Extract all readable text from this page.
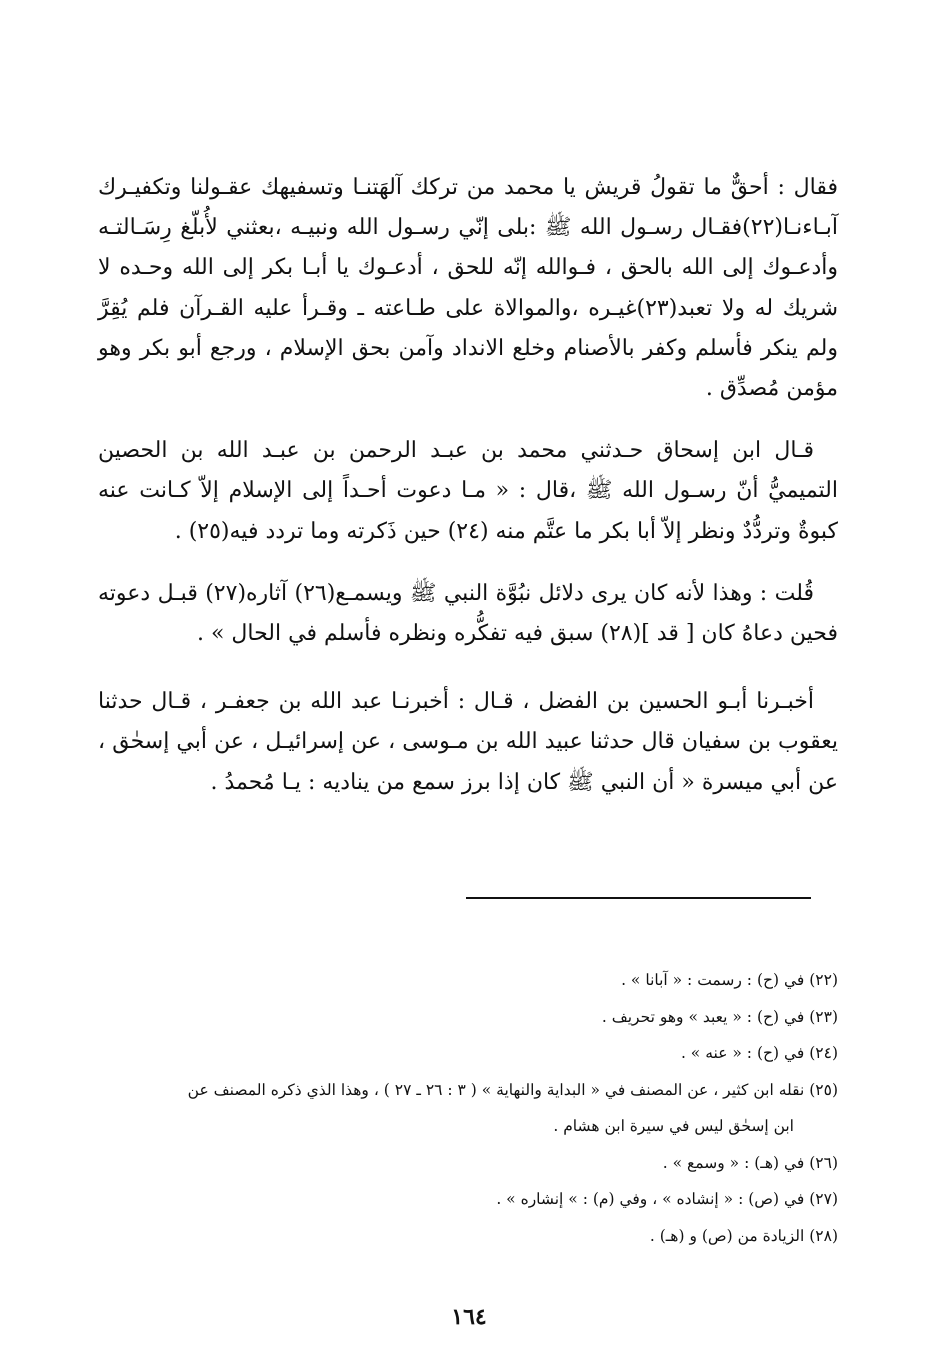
فقال : أحقٌّ ما تقولُ قريش يا محمد من تركك آلهَتنـا وتسفيهك عقـولنا وتكفيـرك آبـاءنـا(٢٢)فقـال رسـول الله ﷺ :بلى إنّي رسـول الله ونبيـه ،بعثني لأُبلّغ رِسَـالتـه وأدعـوك إلى الله بالحق ، فـوالله إنّه للحق ، أدعـوك يا أبـا بكر إلى الله وحـده لا شريك له ولا تعبد(٢٣)غيـره ،والموالاة على طـاعته ـ وقـرأ عليه القـرآن فلم يُقِرَّ ولم ينكر فأسلم وكفر بالأصنام وخلع الانداد وآمن بحق الإسلام ، ورجع أبو بكر وهو مؤمن مُصدِّق .

قـال ابن إسحاق حـدثني محمد بن عبـد الرحمن بن عبـد الله بن الحصين التميميُّ أنّ رسـول الله ﷺ ،قال : « مـا دعوت أحـداً إلى الإسلام إلاّ كـانت عنه كبوةٌ وتردُّدٌ ونظر إلاّ أبا بكر ما عتَّم منه (٢٤) حين ذَكرته وما تردد فيه(٢٥) .

قُلت : وهذا لأنه كان يرى دلائل نبُوَّة النبي ﷺ ويسمـع(٢٦) آثاره(٢٧) قبـل دعوته فحين دعاهُ كان [ قد ](٢٨) سبق فيه تفكُّره ونظره فأسلم في الحال » .

أخبـرنا أبـو الحسين بن الفضل ، قـال : أخبرنـا عبد الله بن جعفـر ، قـال حدثنا يعقوب بن سفيان قال حدثنا عبيد الله بن مـوسى ، عن إسرائيـل ، عن أبي إسحٰق ، عن أبي ميسرة « أن النبي ﷺ كان إذا برز سمع من يناديه : يـا مُحمدُ .

(٢٢) في (ح) : رسمت : « آبانا » .

(٢٣) في (ح) : « يعبد » وهو تحريف .

(٢٤) في (ح) : « عنه » .

(٢٥) نقله ابن كثير ، عن المصنف في « البداية والنهاية » ( ٣ : ٢٦ ـ ٢٧ ) ، وهذا الذي ذكره المصنف عن

ابن إسحٰق ليس في سيرة ابن هشام .

(٢٦) في (هـ) : « وسمع » .

(٢٧) في (ص) : « إنشاده » ، وفي (م) : » إنشاره » .

(٢٨) الزيادة من (ص) و (هـ) .

١٦٤
